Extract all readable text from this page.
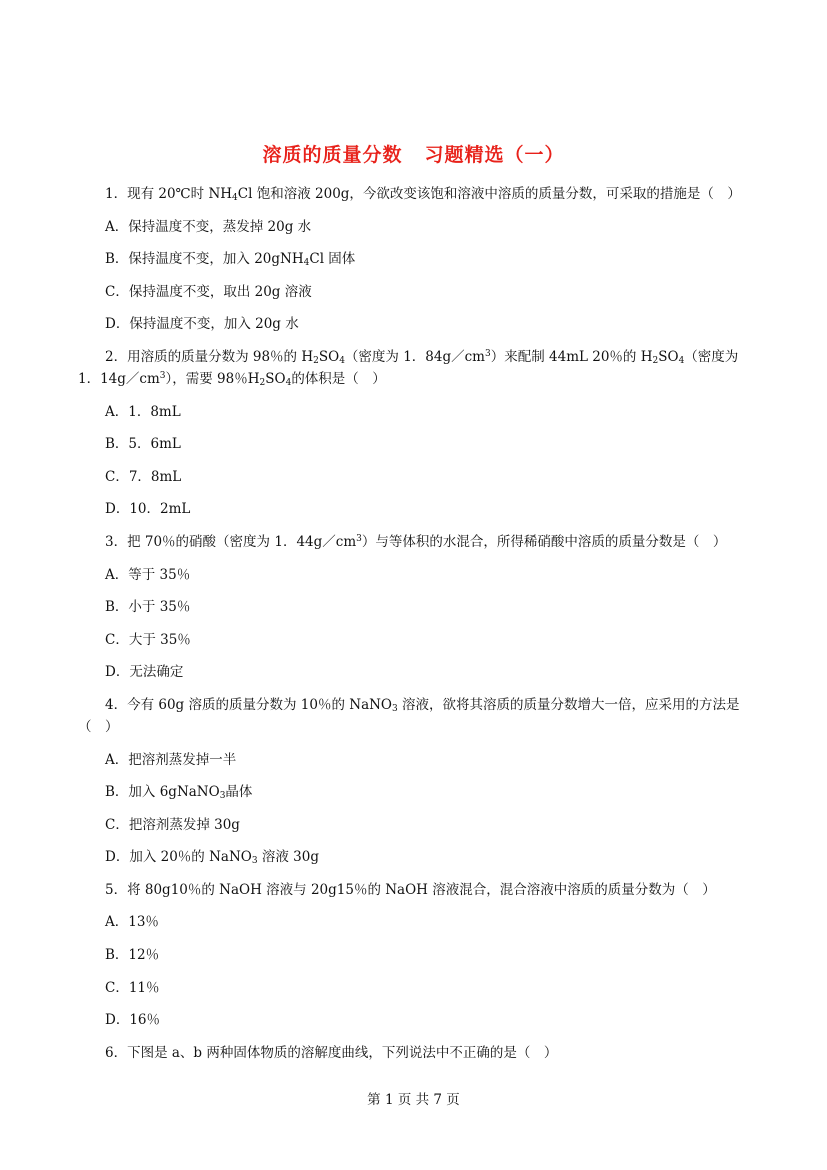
溶质的质量分数 习题精选（一）
1．现有 20℃时 $NH_4Cl$ 饱和溶液 200g，今欲改变该饱和溶液中溶质的质量分数，可采取的措施是（　）
A．保持温度不变，蒸发掉 20g 水
B．保持温度不变，加入 20gNH$_4$Cl 固体
C．保持温度不变，取出 20g 溶液
D．保持温度不变，加入 20g 水
2．用溶质的质量分数为 98％的 $H_2SO_4$（密度为 1．$84g/cm^3$）来配制 44mL 20％的 $H_2SO_4$（密度为 1．$14g/cm^3$），需要 98％$H_2SO_4$的体积是（　）
A．1．8mL
B．5．6mL
C．7．8mL
D．10．2mL
3．把 70％的硝酸（密度为 1．$44g/cm^3$）与等体积的水混合，所得稀硝酸中溶质的质量分数是（　）
A．等于 35％
B．小于 35％
C．大于 35％
D．无法确定
4．今有 60g 溶质的质量分数为 10％的 NaNO$_3$ 溶液，欲将其溶质的质量分数增大一倍，应采用的方法是（　）
A．把溶剂蒸发掉一半
B．加入 6gNaNO$_3$晶体
C．把溶剂蒸发掉 30g
D．加入 20％的 NaNO$_3$ 溶液 30g
5．将 80g10％的 NaOH 溶液与 20g15％的 NaOH 溶液混合，混合溶液中溶质的质量分数为（　）
A．13％
B．12％
C．11％
D．16％
6．下图是 a、b 两种固体物质的溶解度曲线，下列说法中不正确的是（　）
第 1 页 共 7 页
